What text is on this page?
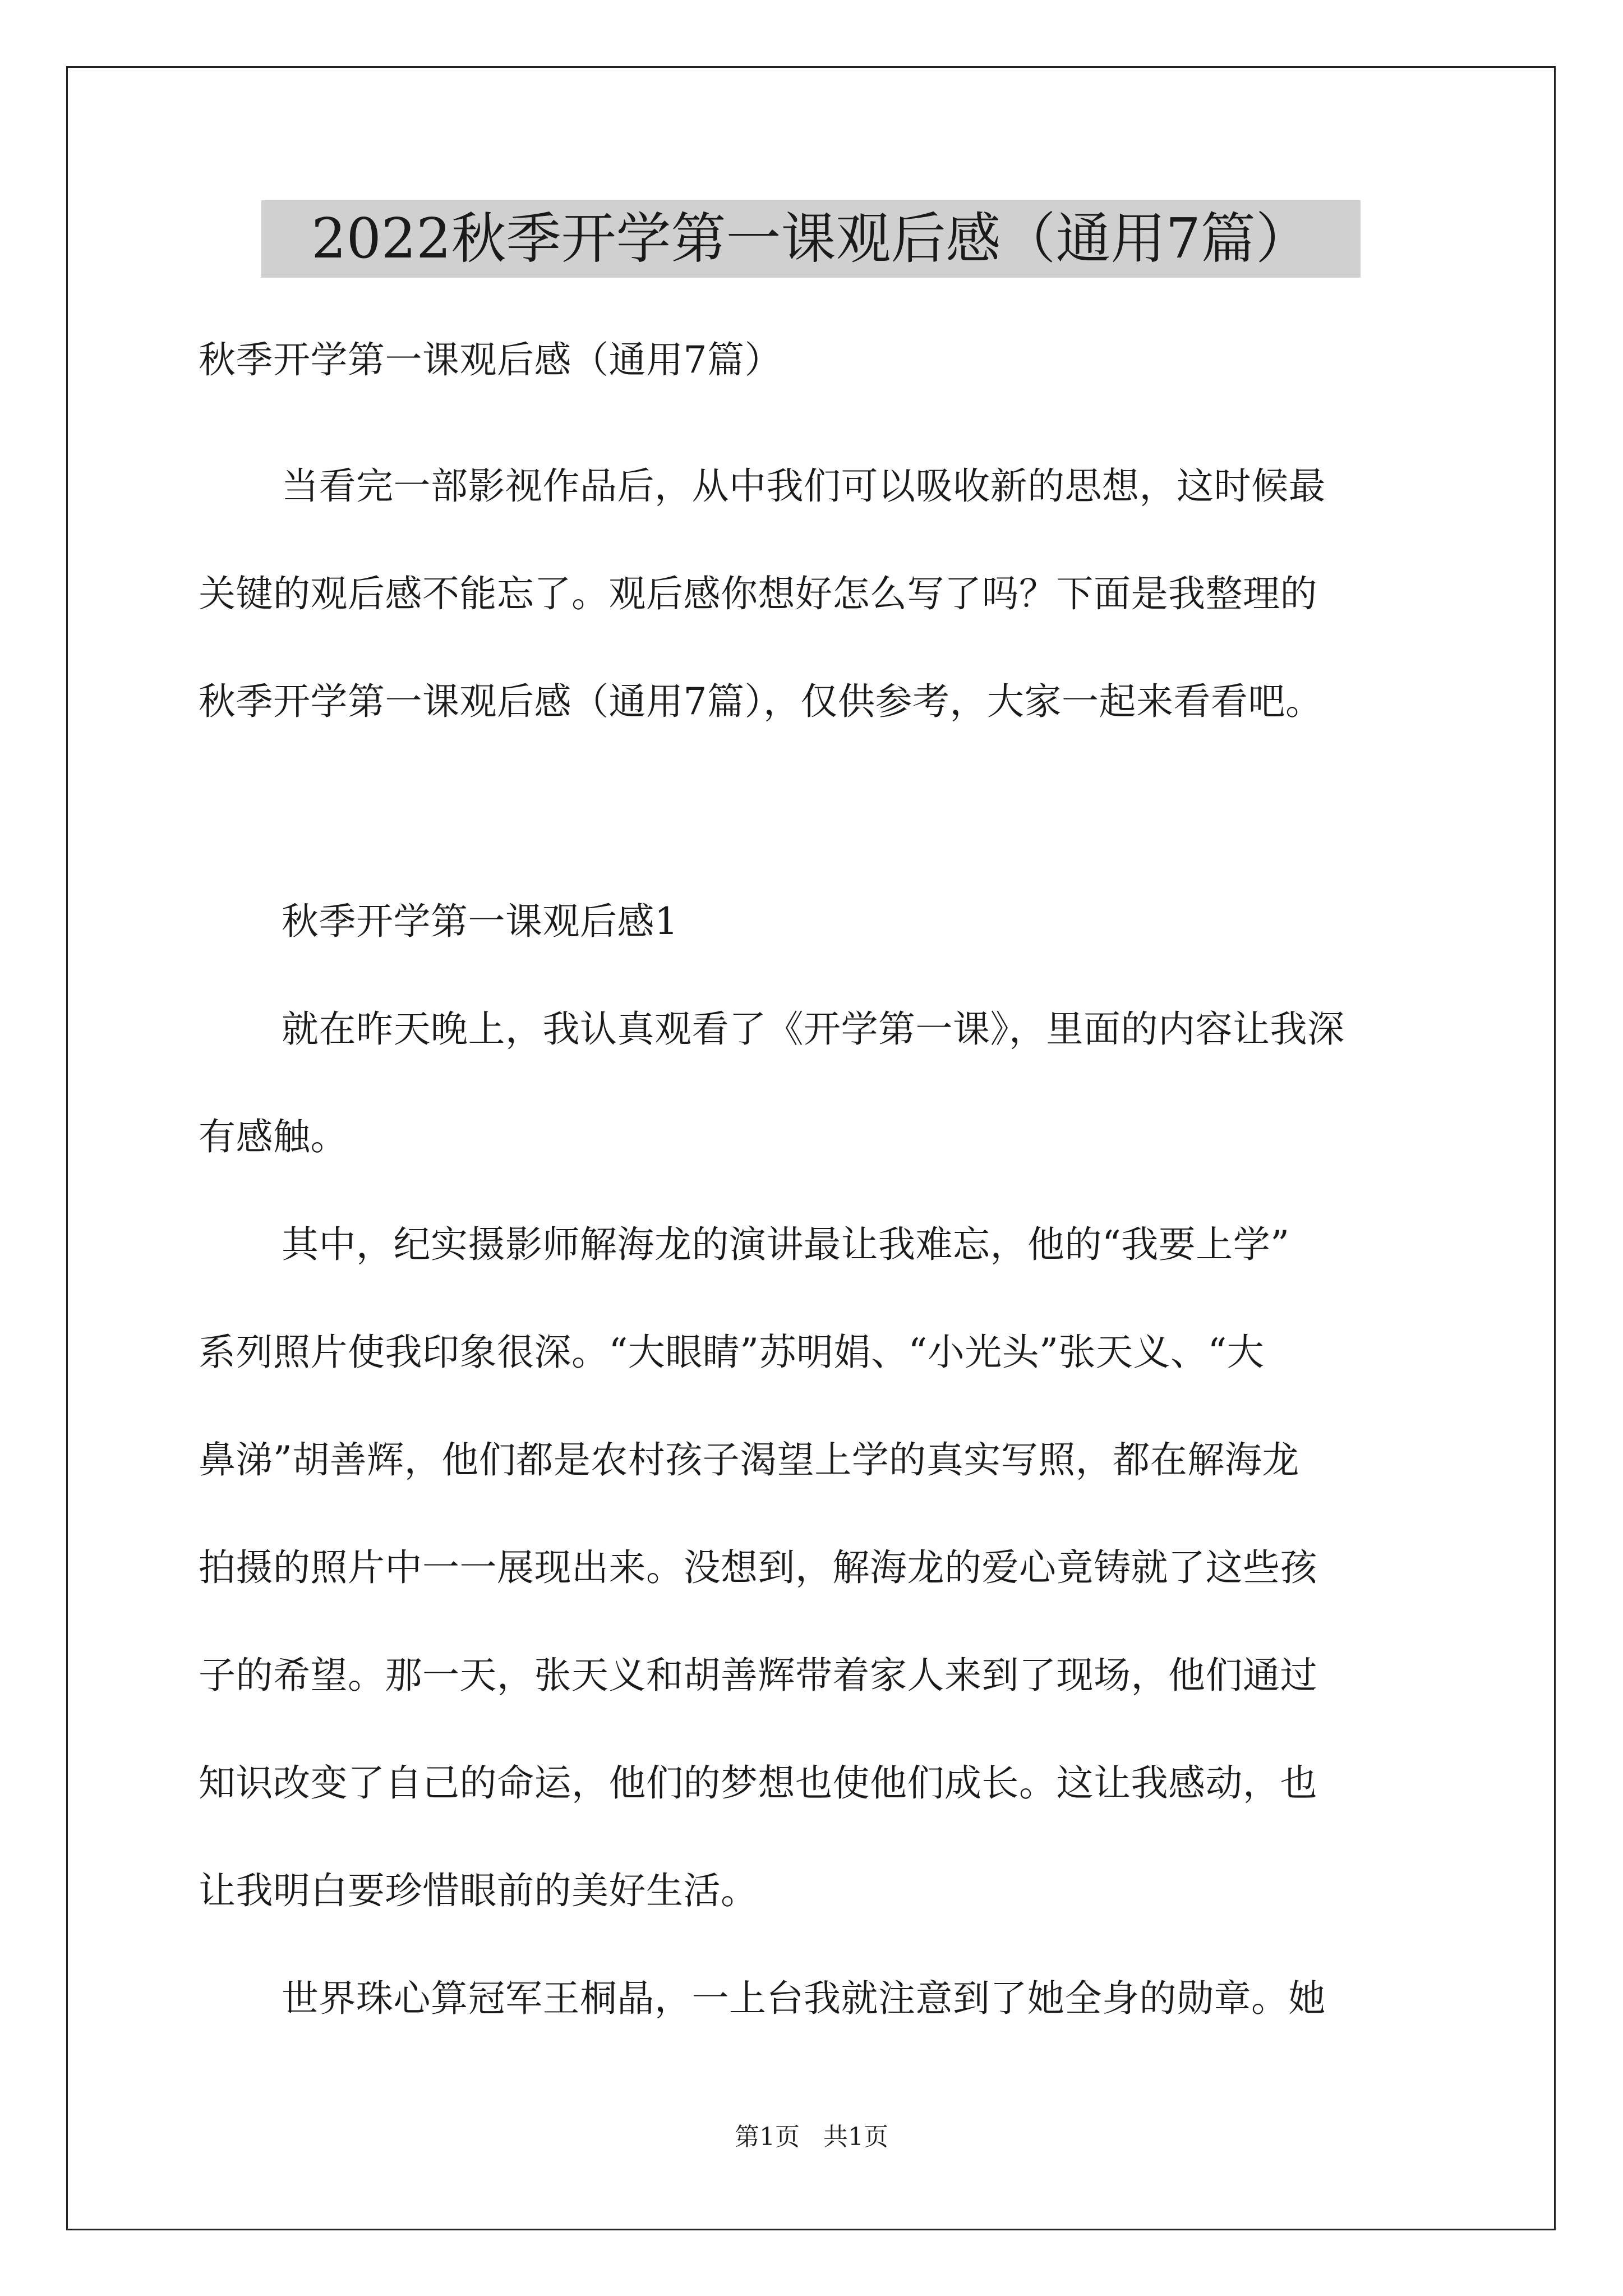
2022秋季开学第一课观后感（通用7篇）
秋季开学第一课观后感（通用7篇）
当看完一部影视作品后，从中我们可以吸收新的思想，这时候最
关键的观后感不能忘了。观后感你想好怎么写了吗？下面是我整理的
秋季开学第一课观后感（通用7篇），仅供参考，大家一起来看看吧。
秋季开学第一课观后感1
就在昨天晚上，我认真观看了《开学第一课》，里面的内容让我深
有感触。
其中，纪实摄影师解海龙的演讲最让我难忘，他的“我要上学”
系列照片使我印象很深。“大眼睛”苏明娟、“小光头”张天义、“大
鼻涕”胡善辉，他们都是农村孩子渴望上学的真实写照，都在解海龙
拍摄的照片中一一展现出来。没想到，解海龙的爱心竟铸就了这些孩
子的希望。那一天，张天义和胡善辉带着家人来到了现场，他们通过
知识改变了自己的命运，他们的梦想也使他们成长。这让我感动，也
让我明白要珍惜眼前的美好生活。
世界珠心算冠军王桐晶，一上台我就注意到了她全身的勋章。她
第1页   共1页
